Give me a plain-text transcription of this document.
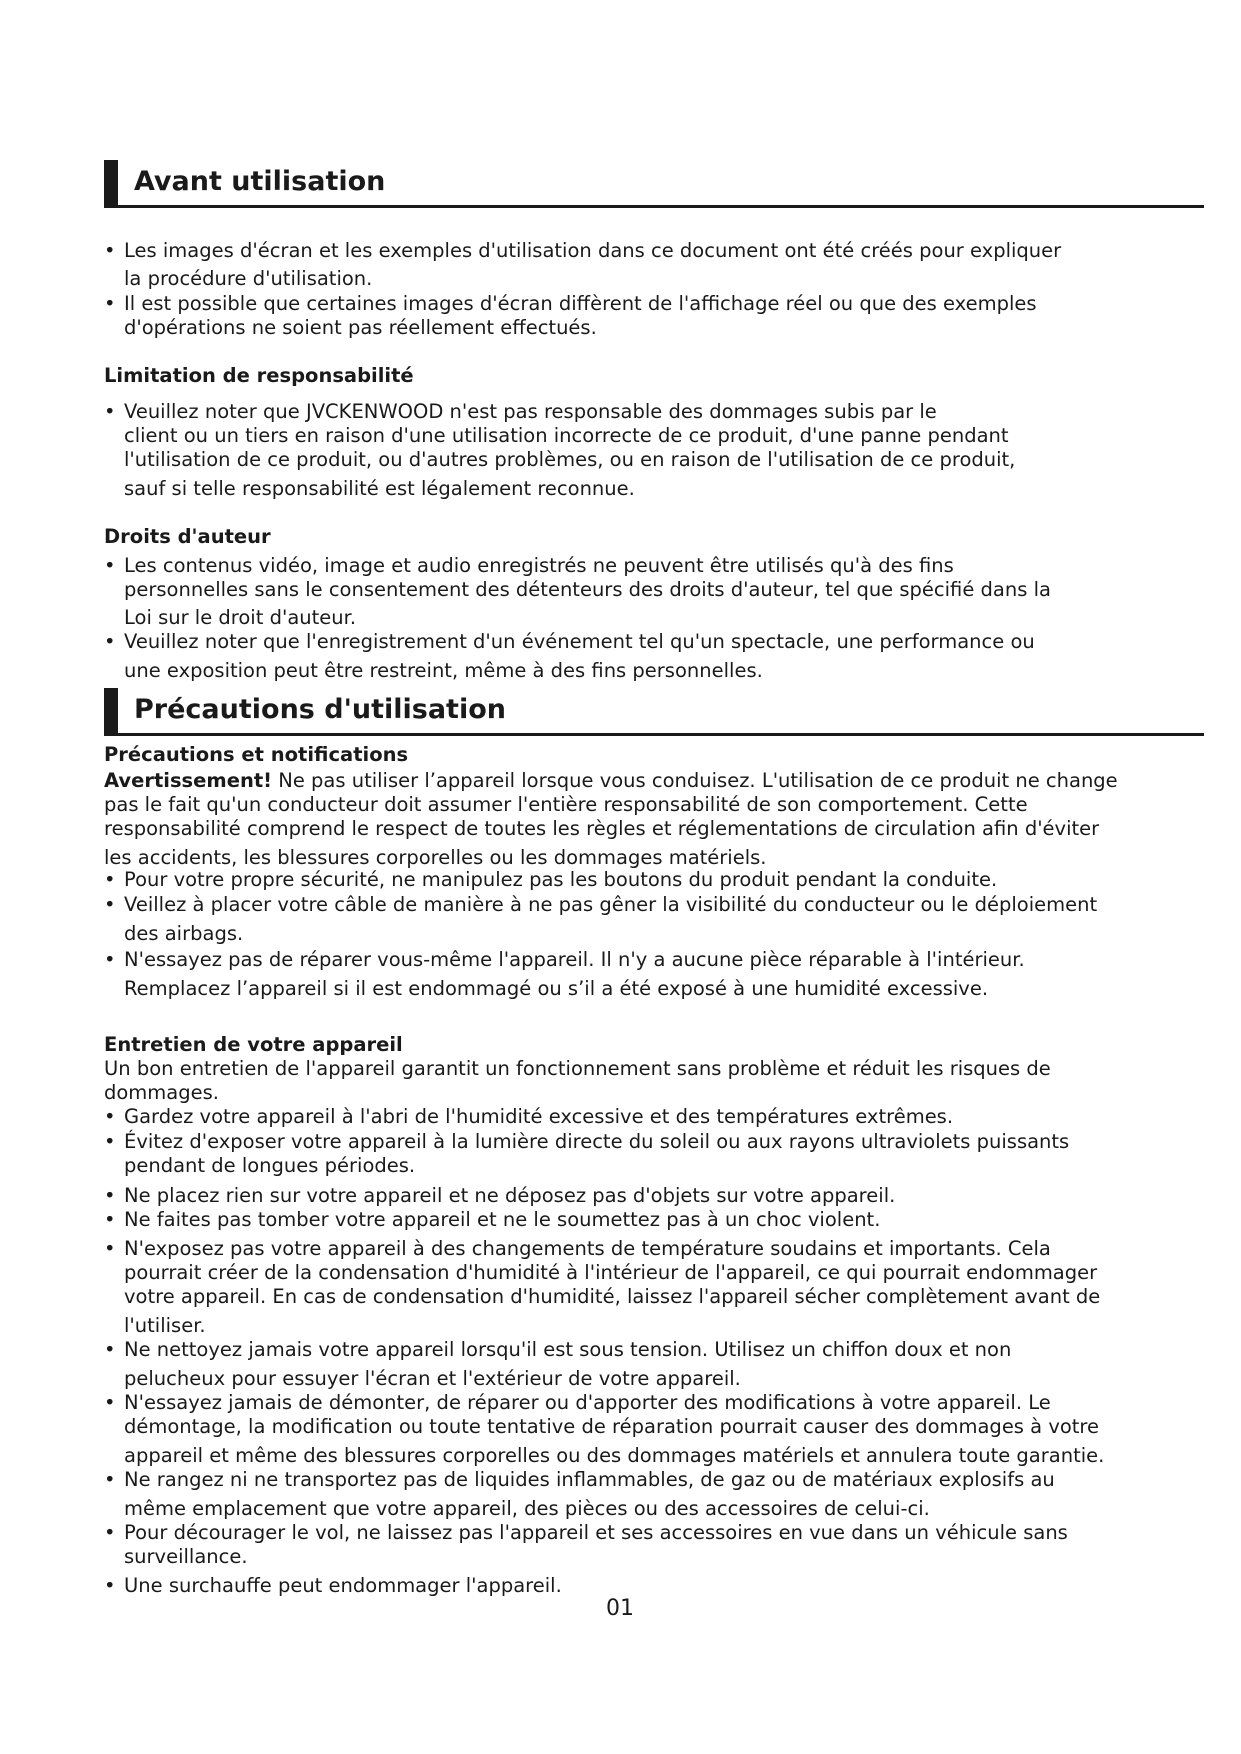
Avant utilisation
• Les images d'écran et les exemples d'utilisation dans ce document ont été créés pour expliquer
la procédure d'utilisation.
• Il est possible que certaines images d'écran diffèrent de l'affichage réel ou que des exemples
d'opérations ne soient pas réellement effectués.
Limitation de responsabilité
• Veuillez noter que JVCKENWOOD n'est pas responsable des dommages subis par le
client ou un tiers en raison d'une utilisation incorrecte de ce produit, d'une panne pendant
l'utilisation de ce produit, ou d'autres problèmes, ou en raison de l'utilisation de ce produit,
sauf si telle responsabilité est légalement reconnue.
Droits d'auteur
• Les contenus vidéo, image et audio enregistrés ne peuvent être utilisés qu'à des fins
personnelles sans le consentement des détenteurs des droits d'auteur, tel que spécifié dans la
Loi sur le droit d'auteur.
• Veuillez noter que l'enregistrement d'un événement tel qu'un spectacle, une performance ou
une exposition peut être restreint, même à des fins personnelles.
Précautions d'utilisation
Précautions et notifications
Avertissement! Ne pas utiliser l’appareil lorsque vous conduisez. L'utilisation de ce produit ne change
pas le fait qu'un conducteur doit assumer l'entière responsabilité de son comportement. Cette
responsabilité comprend le respect de toutes les règles et réglementations de circulation afin d'éviter
les accidents, les blessures corporelles ou les dommages matériels.
• Pour votre propre sécurité, ne manipulez pas les boutons du produit pendant la conduite.
• Veillez à placer votre câble de manière à ne pas gêner la visibilité du conducteur ou le déploiement
des airbags.
• N'essayez pas de réparer vous-même l'appareil. Il n'y a aucune pièce réparable à l'intérieur.
Remplacez l’appareil si il est endommagé ou s’il a été exposé à une humidité excessive.
Entretien de votre appareil
Un bon entretien de l'appareil garantit un fonctionnement sans problème et réduit les risques de
dommages.
• Gardez votre appareil à l'abri de l'humidité excessive et des températures extrêmes.
• Évitez d'exposer votre appareil à la lumière directe du soleil ou aux rayons ultraviolets puissants
pendant de longues périodes.
• Ne placez rien sur votre appareil et ne déposez pas d'objets sur votre appareil.
• Ne faites pas tomber votre appareil et ne le soumettez pas à un choc violent.
• N'exposez pas votre appareil à des changements de température soudains et importants. Cela
pourrait créer de la condensation d'humidité à l'intérieur de l'appareil, ce qui pourrait endommager
votre appareil. En cas de condensation d'humidité, laissez l'appareil sécher complètement avant de
l'utiliser.
• Ne nettoyez jamais votre appareil lorsqu'il est sous tension. Utilisez un chiffon doux et non
pelucheux pour essuyer l'écran et l'extérieur de votre appareil.
• N'essayez jamais de démonter, de réparer ou d'apporter des modifications à votre appareil. Le
démontage, la modification ou toute tentative de réparation pourrait causer des dommages à votre
appareil et même des blessures corporelles ou des dommages matériels et annulera toute garantie.
• Ne rangez ni ne transportez pas de liquides inflammables, de gaz ou de matériaux explosifs au
même emplacement que votre appareil, des pièces ou des accessoires de celui-ci.
• Pour décourager le vol, ne laissez pas l'appareil et ses accessoires en vue dans un véhicule sans
surveillance.
• Une surchauffe peut endommager l'appareil.
01
